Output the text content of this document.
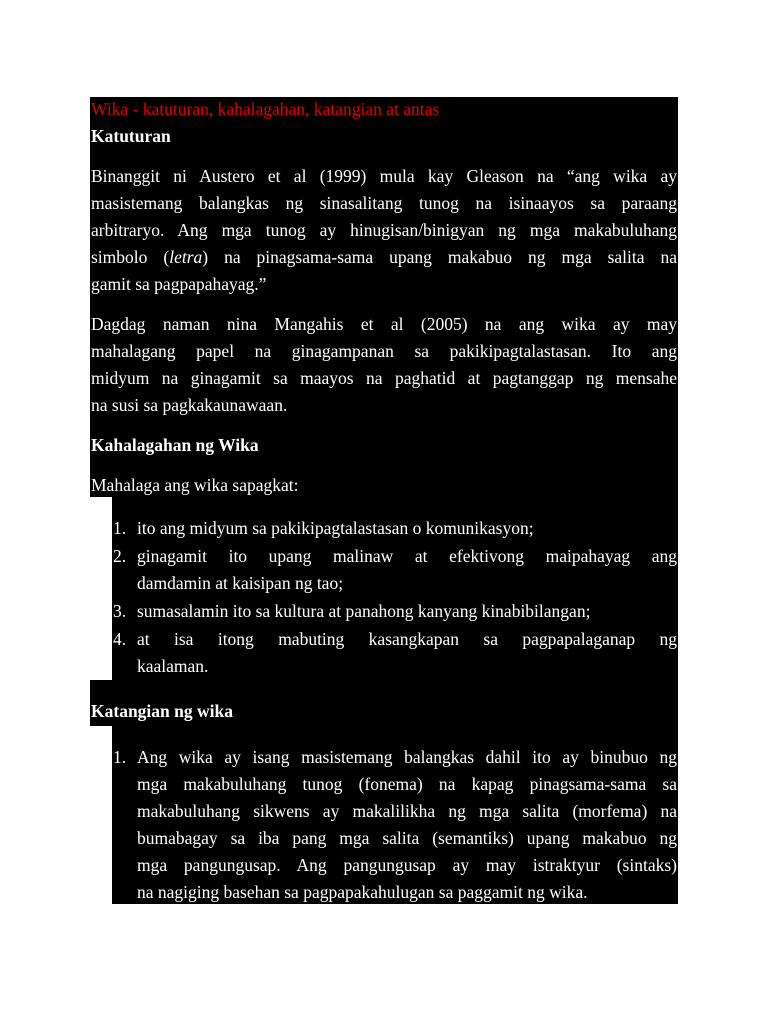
Wika - katuturan, kahalagahan, katangian at antas
Katuturan
Binanggit ni Austero et al (1999) mula kay Gleason na “ang wika ay
masistemang balangkas ng sinasalitang tunog na isinaayos sa paraang
arbitraryo. Ang mga tunog ay hinugisan/binigyan ng mga makabuluhang
simbolo (letra) na pinagsama-sama upang makabuo ng mga salita na
gamit sa pagpapahayag.”
Dagdag naman nina Mangahis et al (2005) na ang wika ay may
mahalagang papel na ginagampanan sa pakikipagtalastasan. Ito ang
midyum na ginagamit sa maayos na paghatid at pagtanggap ng mensahe
na susi sa pagkakaunawaan.
Kahalagahan ng Wika
Mahalaga ang wika sapagkat:
1. ito ang midyum sa pakikipagtalastasan o komunikasyon;
2. ginagamit ito upang malinaw at efektivong maipahayag ang
damdamin at kaisipan ng tao;
3. sumasalamin ito sa kultura at panahong kanyang kinabibilangan;
4. at isa itong mabuting kasangkapan sa pagpapalaganap ng
kaalaman.
Katangian ng wika
1. Ang wika ay isang masistemang balangkas dahil ito ay binubuo ng
mga makabuluhang tunog (fonema) na kapag pinagsama-sama sa
makabuluhang sikwens ay makalilikha ng mga salita (morfema) na
bumabagay sa iba pang mga salita (semantiks) upang makabuo ng
mga pangungusap. Ang pangungusap ay may istraktyur (sintaks)
na nagiging basehan sa pagpapakahulugan sa paggamit ng wika.
